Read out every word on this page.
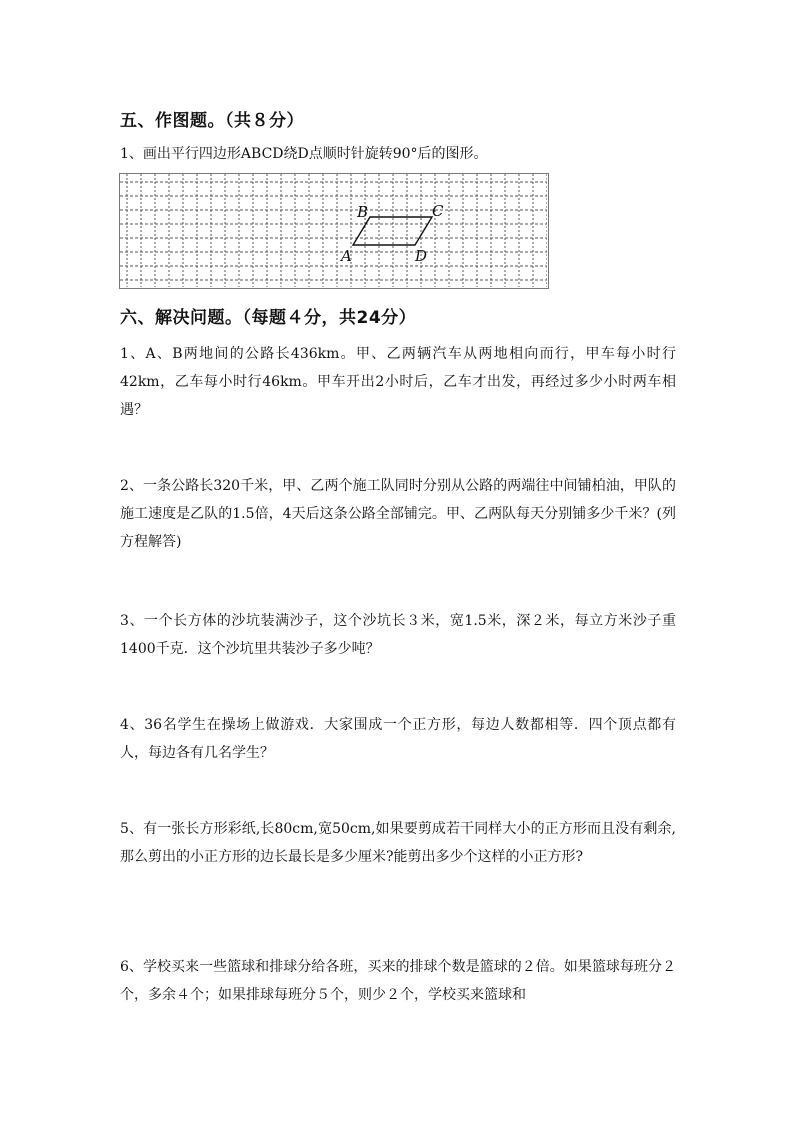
五、作图题。（共８分）
1、画出平行四边形ABCD绕D点顺时针旋转90°后的图形。
B	C
A	D
六、解决问题。（每题４分，共24分）
1、A、B两地间的公路长436km。甲、乙两辆汽车从两地相向而行，甲车每小时行42km，乙车每小时行46km。甲车开出2小时后，乙车才出发，再经过多少小时两车相遇？
2、一条公路长320千米，甲、乙两个施工队同时分别从公路的两端往中间铺柏油，甲队的施工速度是乙队的1.5倍，4天后这条公路全部铺完。甲、乙两队每天分别铺多少千米？(列方程解答)
3、一个长方体的沙坑装满沙子，这个沙坑长３米，宽1.5米，深２米，每立方米沙子重1400千克．这个沙坑里共装沙子多少吨？
4、36名学生在操场上做游戏．大家围成一个正方形，每边人数都相等．四个顶点都有人，每边各有几名学生？
5、有一张长方形彩纸,长80cm,宽50cm,如果要剪成若干同样大小的正方形而且没有剩余,那么剪出的小正方形的边长最长是多少厘米?能剪出多少个这样的小正方形?
6、学校买来一些篮球和排球分给各班，买来的排球个数是篮球的２倍。如果篮球每班分２个，多余４个；如果排球每班分５个，则少２个，学校买来篮球和
